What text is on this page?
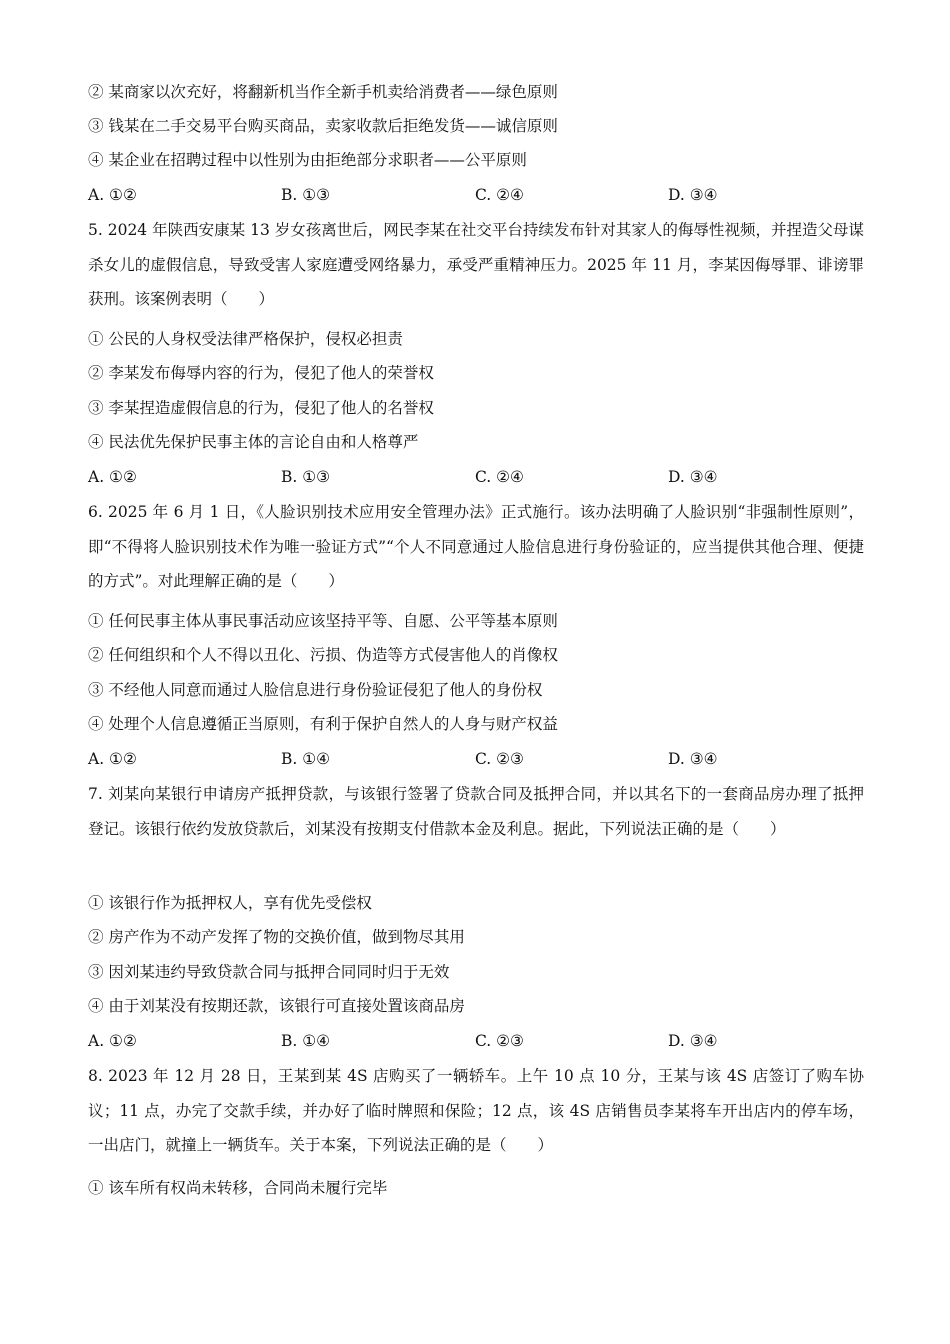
② 某商家以次充好，将翻新机当作全新手机卖给消费者——绿色原则
③ 钱某在二手交易平台购买商品，卖家收款后拒绝发货——诚信原则
④ 某企业在招聘过程中以性别为由拒绝部分求职者——公平原则
A. ①②	B. ①③	C. ②④	D. ③④
5. 2024 年陕西安康某 13 岁女孩离世后，网民李某在社交平台持续发布针对其家人的侮辱性视频，并捏造父母谋杀女儿的虚假信息，导致受害人家庭遭受网络暴力，承受严重精神压力。2025 年 11 月，李某因侮辱罪、诽谤罪获刑。该案例表明（　　）
① 公民的人身权受法律严格保护，侵权必担责
② 李某发布侮辱内容的行为，侵犯了他人的荣誉权
③ 李某捏造虚假信息的行为，侵犯了他人的名誉权
④ 民法优先保护民事主体的言论自由和人格尊严
A. ①②	B. ①③	C. ②④	D. ③④
6. 2025 年 6 月 1 日，《人脸识别技术应用安全管理办法》正式施行。该办法明确了人脸识别“非强制性原则”，即“不得将人脸识别技术作为唯一验证方式”“个人不同意通过人脸信息进行身份验证的，应当提供其他合理、便捷的方式”。对此理解正确的是（　　）
① 任何民事主体从事民事活动应该坚持平等、自愿、公平等基本原则
② 任何组织和个人不得以丑化、污损、伪造等方式侵害他人的肖像权
③ 不经他人同意而通过人脸信息进行身份验证侵犯了他人的身份权
④ 处理个人信息遵循正当原则，有利于保护自然人的人身与财产权益
A. ①②	B. ①④	C. ②③	D. ③④
7. 刘某向某银行申请房产抵押贷款，与该银行签署了贷款合同及抵押合同，并以其名下的一套商品房办理了抵押登记。该银行依约发放贷款后，刘某没有按期支付借款本金及利息。据此，下列说法正确的是（　　）
① 该银行作为抵押权人，享有优先受偿权
② 房产作为不动产发挥了物的交换价值，做到物尽其用
③ 因刘某违约导致贷款合同与抵押合同同时归于无效
④ 由于刘某没有按期还款，该银行可直接处置该商品房
A. ①②	B. ①④	C. ②③	D. ③④
8. 2023 年 12 月 28 日，王某到某 4S 店购买了一辆轿车。上午 10 点 10 分，王某与该 4S 店签订了购车协议；11 点，办完了交款手续，并办好了临时牌照和保险；12 点，该 4S 店销售员李某将车开出店内的停车场，一出店门，就撞上一辆货车。关于本案，下列说法正确的是（　　）
① 该车所有权尚未转移，合同尚未履行完毕
